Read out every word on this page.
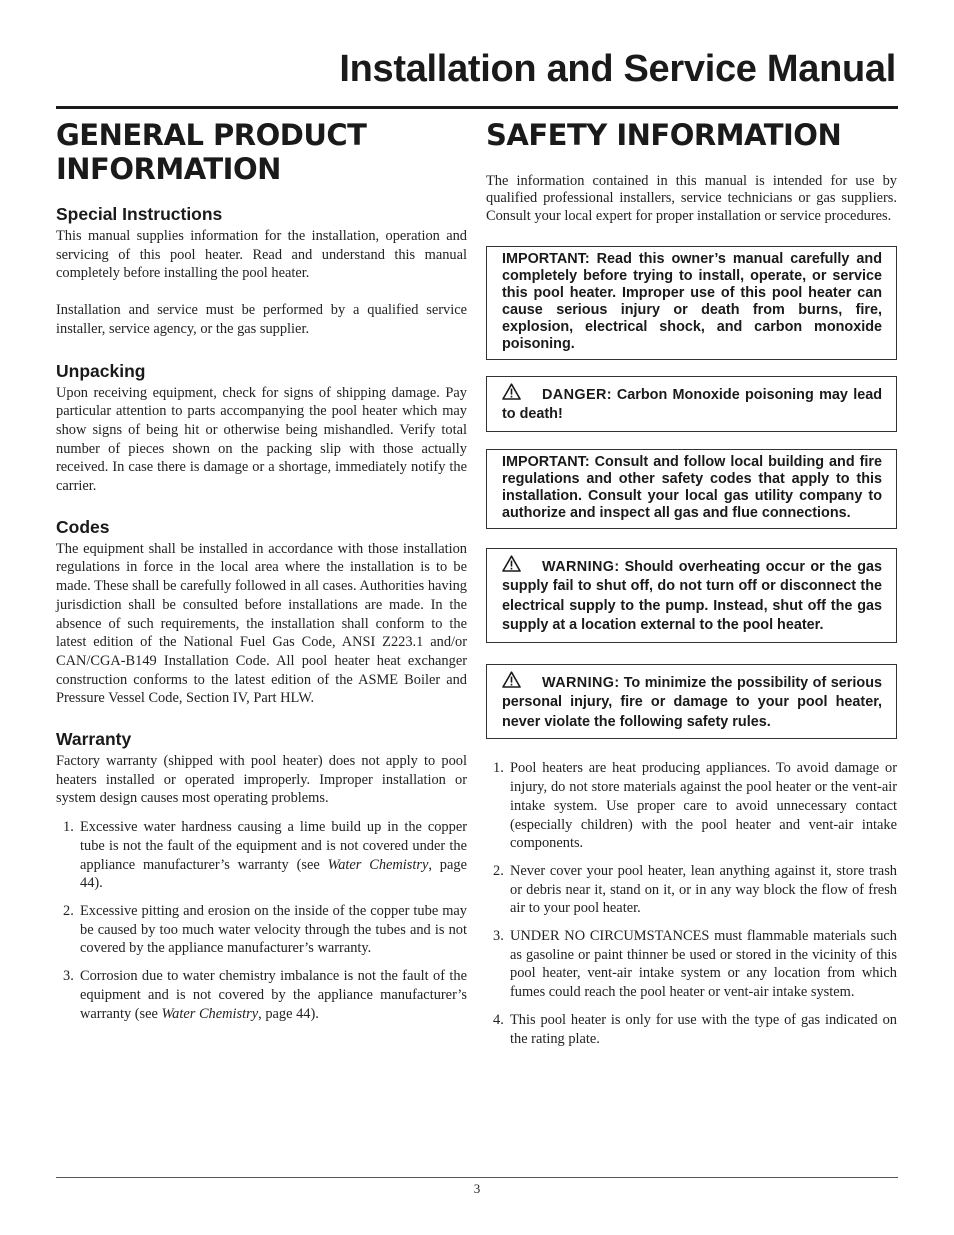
Installation and Service Manual
GENERAL PRODUCT INFORMATION
Special Instructions

This manual supplies information for the installation, operation and servicing of this pool heater. Read and understand this manual completely before installing the pool heater.

Installation and service must be performed by a qualified service installer, service agency, or the gas supplier.

Unpacking

Upon receiving equipment, check for signs of shipping damage. Pay particular attention to parts accompanying the pool heater which may show signs of being hit or otherwise being mishandled. Verify total number of pieces shown on the packing slip with those actually received. In case there is damage or a shortage, immediately notify the carrier.

Codes

The equipment shall be installed in accordance with those installation regulations in force in the local area where the installation is to be made. These shall be carefully followed in all cases. Authorities having jurisdiction shall be consulted before installations are made. In the absence of such requirements, the installation shall conform to the latest edition of the National Fuel Gas Code, ANSI Z223.1 and/or CAN/CGA-B149 Installation Code. All pool heater heat exchanger construction conforms to the latest edition of the ASME Boiler and Pressure Vessel Code, Section IV, Part HLW.

Warranty

Factory warranty (shipped with pool heater) does not apply to pool heaters installed or operated improperly. Improper installation or system design causes most operating problems.

1. Excessive water hardness causing a lime build up in the copper tube is not the fault of the equipment and is not covered under the appliance manufacturer’s warranty (see Water Chemistry, page 44).
2. Excessive pitting and erosion on the inside of the copper tube may be caused by too much water velocity through the tubes and is not covered by the appliance manufacturer’s warranty.
3. Corrosion due to water chemistry imbalance is not the fault of the equipment and is not covered by the appliance manufacturer’s warranty (see Water Chemistry, page 44).
SAFETY INFORMATION

The information contained in this manual is intended for use by qualified professional installers, service technicians or gas suppliers. Consult your local expert for proper installation or service procedures.

IMPORTANT: Read this owner’s manual carefully and completely before trying to install, operate, or service this pool heater. Improper use of this pool heater can cause serious injury or death from burns, fire, explosion, electrical shock, and carbon monoxide poisoning.
DANGER: Carbon Monoxide poisoning may lead to death!
IMPORTANT: Consult and follow local building and fire regulations and other safety codes that apply to this installation. Consult your local gas utility company to authorize and inspect all gas and flue connections.
WARNING: Should overheating occur or the gas supply fail to shut off, do not turn off or disconnect the electrical supply to the pump. Instead, shut off the gas supply at a location external to the pool heater.
WARNING: To minimize the possibility of serious personal injury, fire or damage to your pool heater, never violate the following safety rules.
1. Pool heaters are heat producing appliances. To avoid damage or injury, do not store materials against the pool heater or the vent-air intake system. Use proper care to avoid unnecessary contact (especially children) with the pool heater and vent-air intake components.
2. Never cover your pool heater, lean anything against it, store trash or debris near it, stand on it, or in any way block the flow of fresh air to your pool heater.
3. UNDER NO CIRCUMSTANCES must flammable materials such as gasoline or paint thinner be used or stored in the vicinity of this pool heater, vent-air intake system or any location from which fumes could reach the pool heater or vent-air intake system.
4. This pool heater is only for use with the type of gas indicated on the rating plate.
3
